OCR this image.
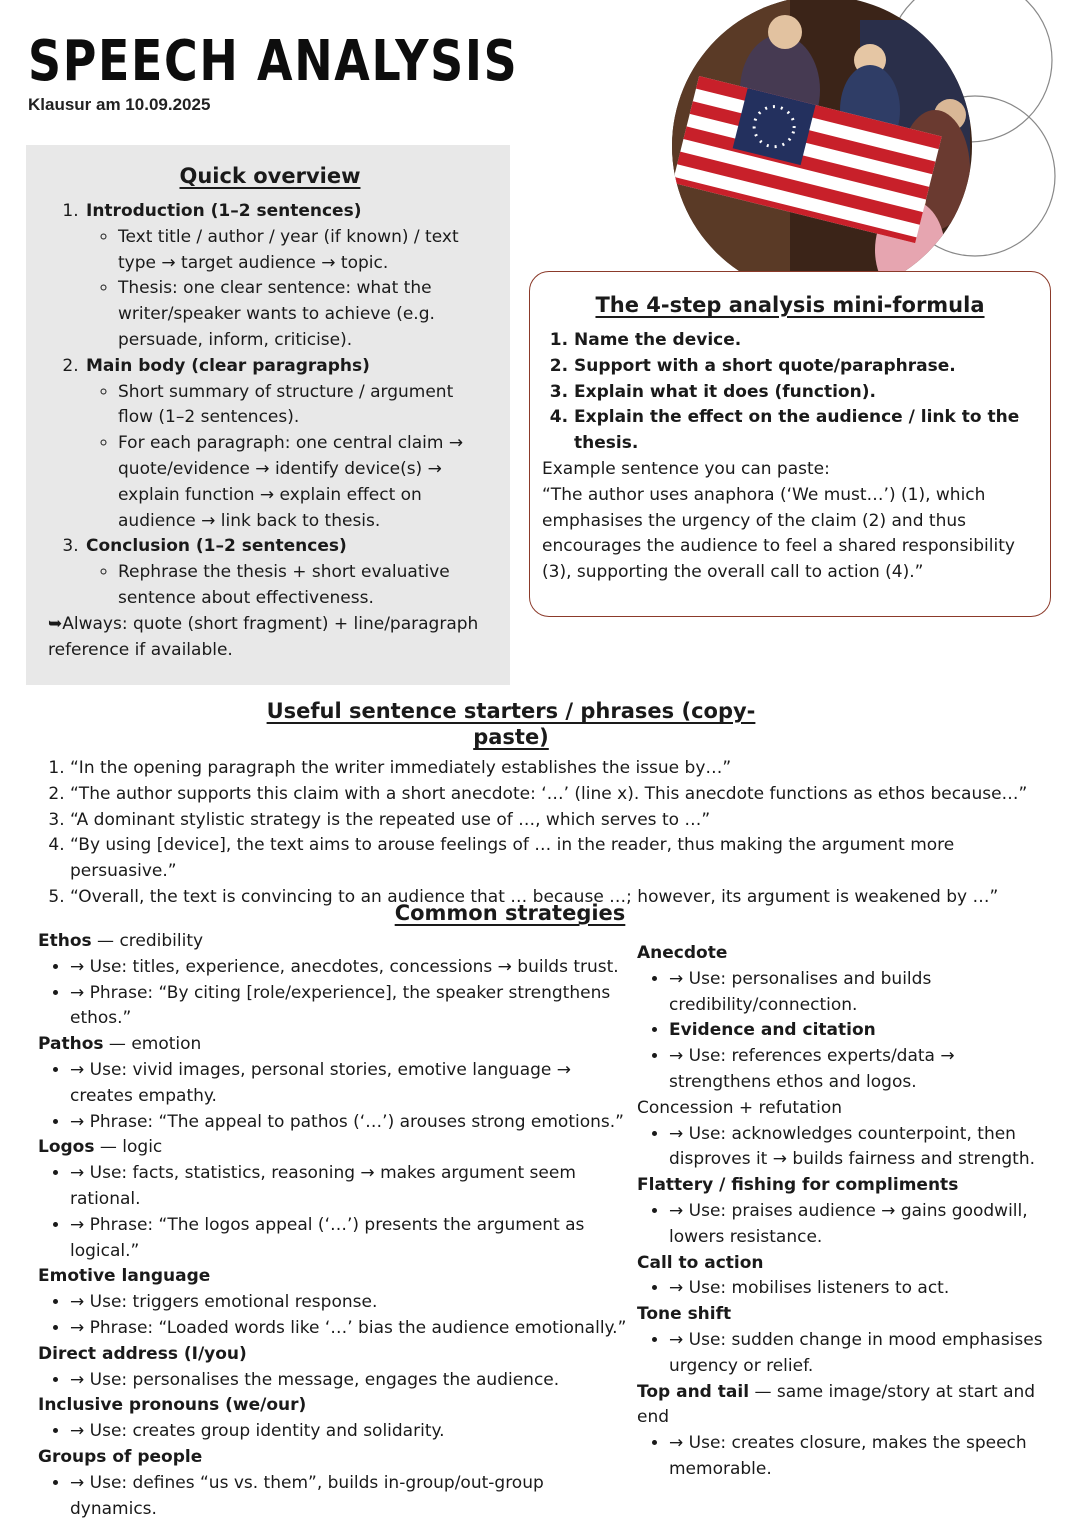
SPEECH ANALYSIS

Klausur am 10.09.2025

Quick overview
1. Introduction (1–2 sentences)
◦ Text title / author / year (if known) / text type → target audience → topic.
◦ Thesis: one clear sentence: what the writer/speaker wants to achieve (e.g. persuade, inform, criticise).
2. Main body (clear paragraphs)
◦ Short summary of structure / argument flow (1–2 sentences).
◦ For each paragraph: one central claim → quote/evidence → identify device(s) → explain function → explain effect on audience → link back to thesis.
3. Conclusion (1–2 sentences)
◦ Rephrase the thesis + short evaluative sentence about effectiveness.
➥Always: quote (short fragment) + line/paragraph reference if available.
The 4-step analysis mini-formula
1. Name the device.
2. Support with a short quote/paraphrase.
3. Explain what it does (function).
4. Explain the effect on the audience / link to the thesis.

Example sentence you can paste:

“The author uses anaphora (‘We must…’) (1), which emphasises the urgency of the claim (2) and thus encourages the audience to feel a shared responsibility (3), supporting the overall call to action (4).”

Useful sentence starters / phrases (copy-paste)
1. “In the opening paragraph the writer immediately establishes the issue by…”
2. “The author supports this claim with a short anecdote: ‘…’ (line x). This anecdote functions as ethos because…”
3. “A dominant stylistic strategy is the repeated use of …, which serves to …”
4. “By using [device], the text aims to arouse feelings of … in the reader, thus making the argument more persuasive.”
5. “Overall, the text is convincing to an audience that … because …; however, its argument is weakened by …”
Common strategies

Ethos — credibility

• → Use: titles, experience, anecdotes, concessions → builds trust.
• → Phrase: “By citing [role/experience], the speaker strengthens ethos.”

Pathos — emotion

• → Use: vivid images, personal stories, emotive language → creates empathy.
• → Phrase: “The appeal to pathos (‘…’) arouses strong emotions.”

Logos — logic

• → Use: facts, statistics, reasoning → makes argument seem rational.
• → Phrase: “The logos appeal (‘…’) presents the argument as logical.”

Emotive language

• → Use: triggers emotional response.
• → Phrase: “Loaded words like ‘…’ bias the audience emotionally.”

Direct address (I/you)

• → Use: personalises the message, engages the audience.

Inclusive pronouns (we/our)

• → Use: creates group identity and solidarity.

Groups of people

• → Use: defines “us vs. them”, builds in-group/out-group dynamics.

Anecdote

• → Use: personalises and builds credibility/connection.
• Evidence and citation
• → Use: references experts/data → strengthens ethos and logos.

Concession + refutation

• → Use: acknowledges counterpoint, then disproves it → builds fairness and strength.

Flattery / fishing for compliments

• → Use: praises audience → gains goodwill, lowers resistance.

Call to action

• → Use: mobilises listeners to act.

Tone shift

• → Use: sudden change in mood emphasises urgency or relief.

Top and tail — same image/story at start and end

• → Use: creates closure, makes the speech memorable.
